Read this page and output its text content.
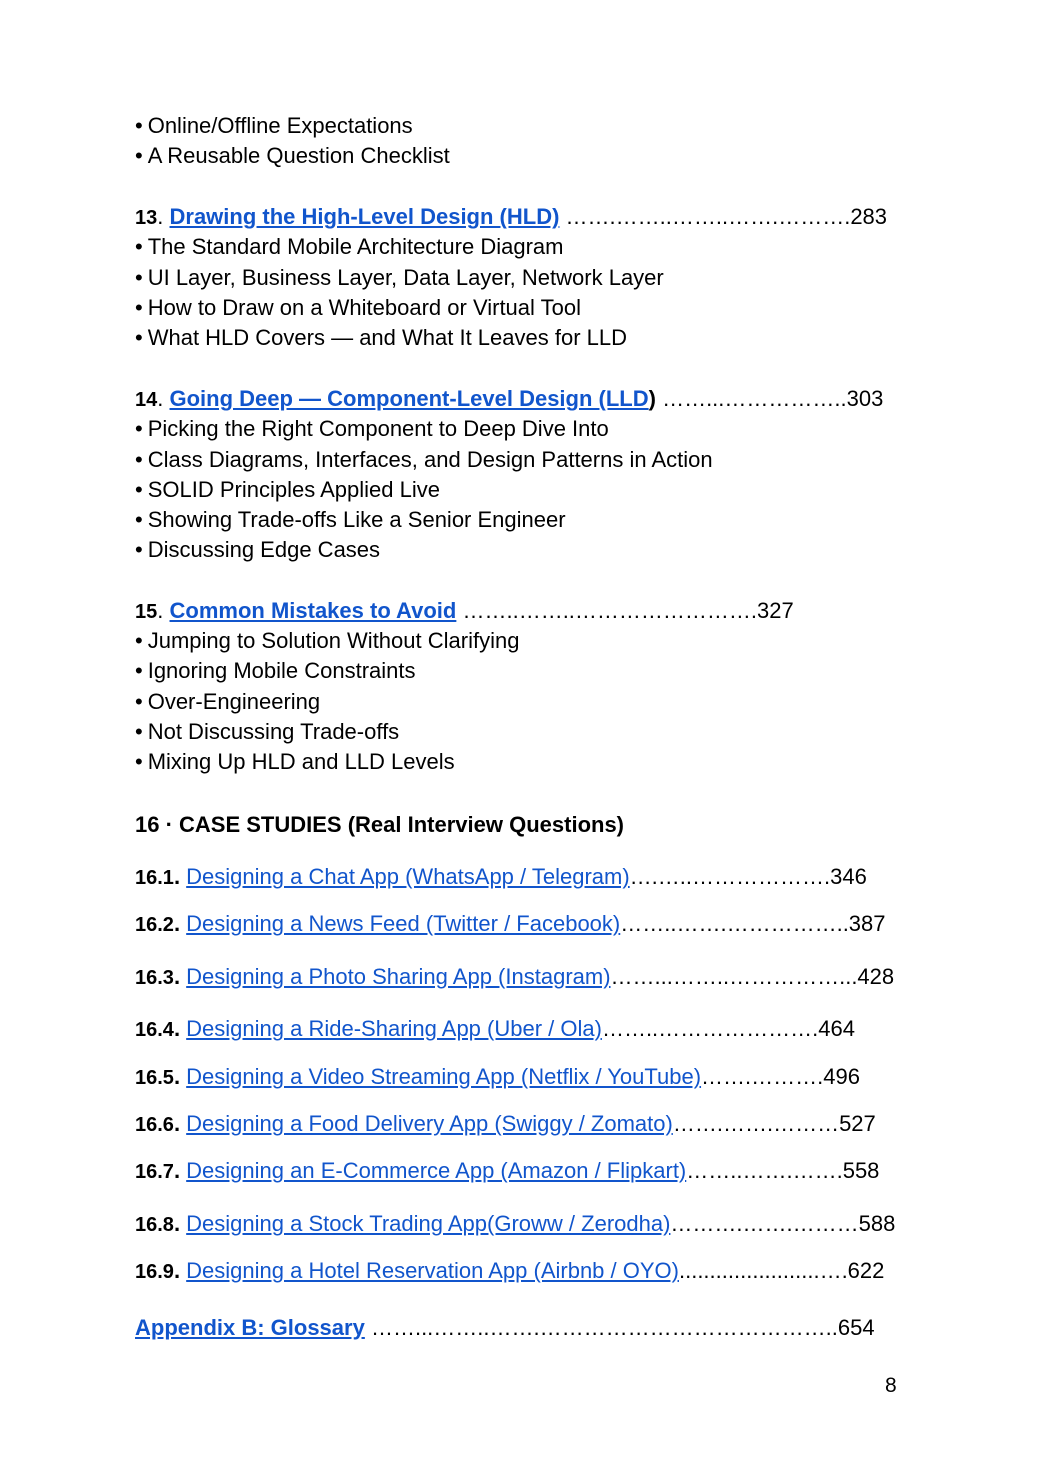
• Online/Offline Expectations
• A Reusable Question Checklist
13. Drawing the High-Level Design (HLD) …….……..……..…….……….283
• The Standard Mobile Architecture Diagram
• UI Layer, Business Layer, Data Layer, Network Layer
• How to Draw on a Whiteboard or Virtual Tool
• What HLD Covers — and What It Leaves for LLD
14. Going Deep — Component-Level Design (LLD) ……...……………..303
• Picking the Right Component to Deep Dive Into
• Class Diagrams, Interfaces, and Design Patterns in Action
• SOLID Principles Applied Live
• Showing Trade-offs Like a Senior Engineer
• Discussing Edge Cases
15. Common Mistakes to Avoid ……..……..…………………….327
• Jumping to Solution Without Clarifying
• Ignoring Mobile Constraints
• Over-Engineering
• Not Discussing Trade-offs
• Mixing Up HLD and LLD Levels
16 · CASE STUDIES (Real Interview Questions)
16.1. Designing a Chat App (WhatsApp / Telegram)….…..……………….346
16.2. Designing a News Feed (Twitter / Facebook)……..…….……………..387
16.3. Designing a Photo Sharing App (Instagram)……...……..……………...428
16.4. Designing a Ride-Sharing App (Uber / Ola)……..………………….464
16.5. Designing a Video Streaming App (Netflix / YouTube)…….……….496
16.6. Designing a Food Delivery App (Swiggy / Zomato)…….…….………527
16.7. Designing an E-Commerce App (Amazon / Flipkart)……..…….…….558
16.8. Designing a Stock Trading App(Groww / Zerodha)……….…….………588
16.9. Designing a Hotel Reservation App (Airbnb / OYO).......................….622
Appendix B: Glossary ……...……..…….…………………………………..654
8
